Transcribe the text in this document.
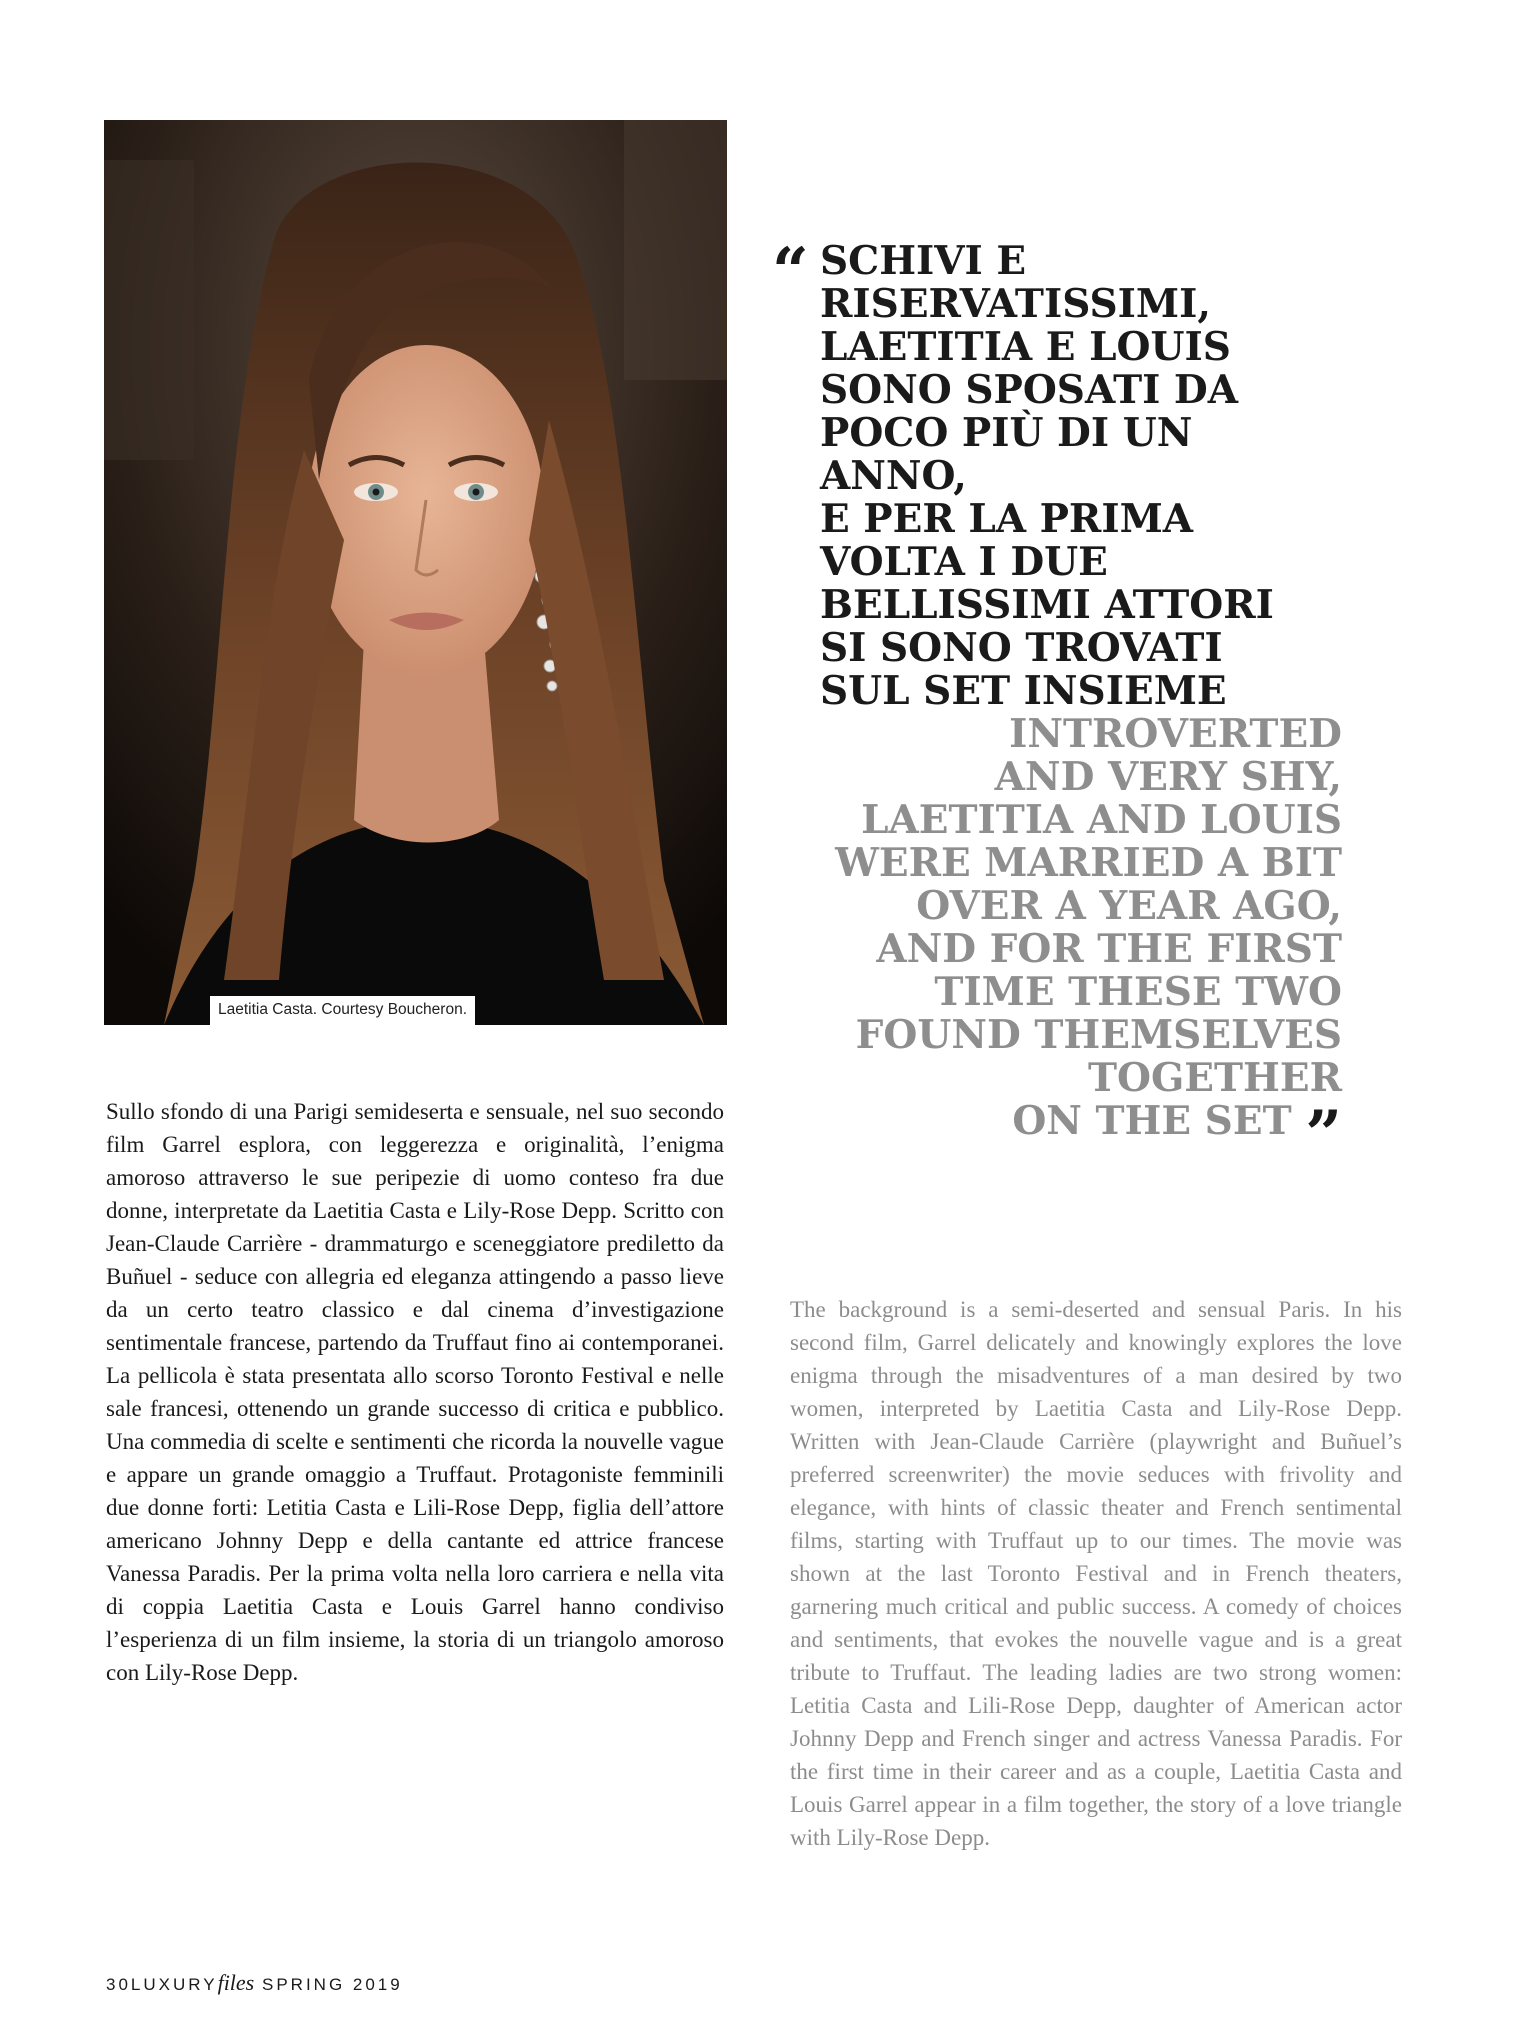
Laetitia Casta. Courtesy Boucheron.
“ SCHIVI E
RISERVATISSIMI,
LAETITIA E LOUIS
SONO SPOSATI DA
POCO PIÙ DI UN ANNO,
E PER LA PRIMA
VOLTA I DUE
BELLISSIMI ATTORI
SI SONO TROVATI
SUL SET INSIEME
INTROVERTED
AND VERY SHY,
LAETITIA AND LOUIS
WERE MARRIED A BIT
OVER A YEAR AGO,
AND FOR THE FIRST
TIME THESE TWO
FOUND THEMSELVES
TOGETHER
ON THE SET ”

Sullo sfondo di una Parigi semideserta e sensuale, nel suo secondo film Garrel esplora, con leggerezza e originalità, l’enigma amoroso attraverso le sue peripezie di uomo conteso fra due donne, interpretate da Laetitia Casta e Lily-Rose Depp. Scritto con Jean-Claude Carrière - drammaturgo e sceneggiatore prediletto da Buñuel - seduce con allegria ed eleganza attingendo a passo lieve da un certo teatro classico e dal cinema d’investigazione sentimentale francese, partendo da Truffaut fino ai contemporanei. La pellicola è stata presentata allo scorso Toronto Festival e nelle sale francesi, ottenendo un grande successo di critica e pubblico. Una commedia di scelte e sentimenti che ricorda la nouvelle vague e appare un grande omaggio a Truffaut. Protagoniste femminili due donne forti: Letitia Casta e Lili-Rose Depp, figlia dell’attore americano Johnny Depp e della cantante ed attrice francese Vanessa Paradis. Per la prima volta nella loro carriera e nella vita di coppia Laetitia Casta e Louis Garrel hanno condiviso l’esperienza di un film insieme, la storia di un triangolo amoroso con Lily-Rose Depp.

The background is a semi-deserted and sensual Paris. In his second film, Garrel delicately and knowingly explores the love enigma through the misadventures of a man desired by two women, interpreted by Laetitia Casta and Lily-Rose Depp. Written with Jean-Claude Carrière (playwright and Buñuel’s preferred screenwriter) the movie seduces with frivolity and elegance, with hints of classic theater and French sentimental films, starting with Truffaut up to our times. The movie was shown at the last Toronto Festival and in French theaters, garnering much critical and public success. A comedy of choices and sentiments, that evokes the nouvelle vague and is a great tribute to Truffaut. The leading ladies are two strong women: Letitia Casta and Lili-Rose Depp, daughter of American actor Johnny Depp and French singer and actress Vanessa Paradis. For the first time in their career and as a couple, Laetitia Casta and Louis Garrel appear in a film together, the story of a love triangle with Lily-Rose Depp.

30LUXURYfiles SPRING 2019
